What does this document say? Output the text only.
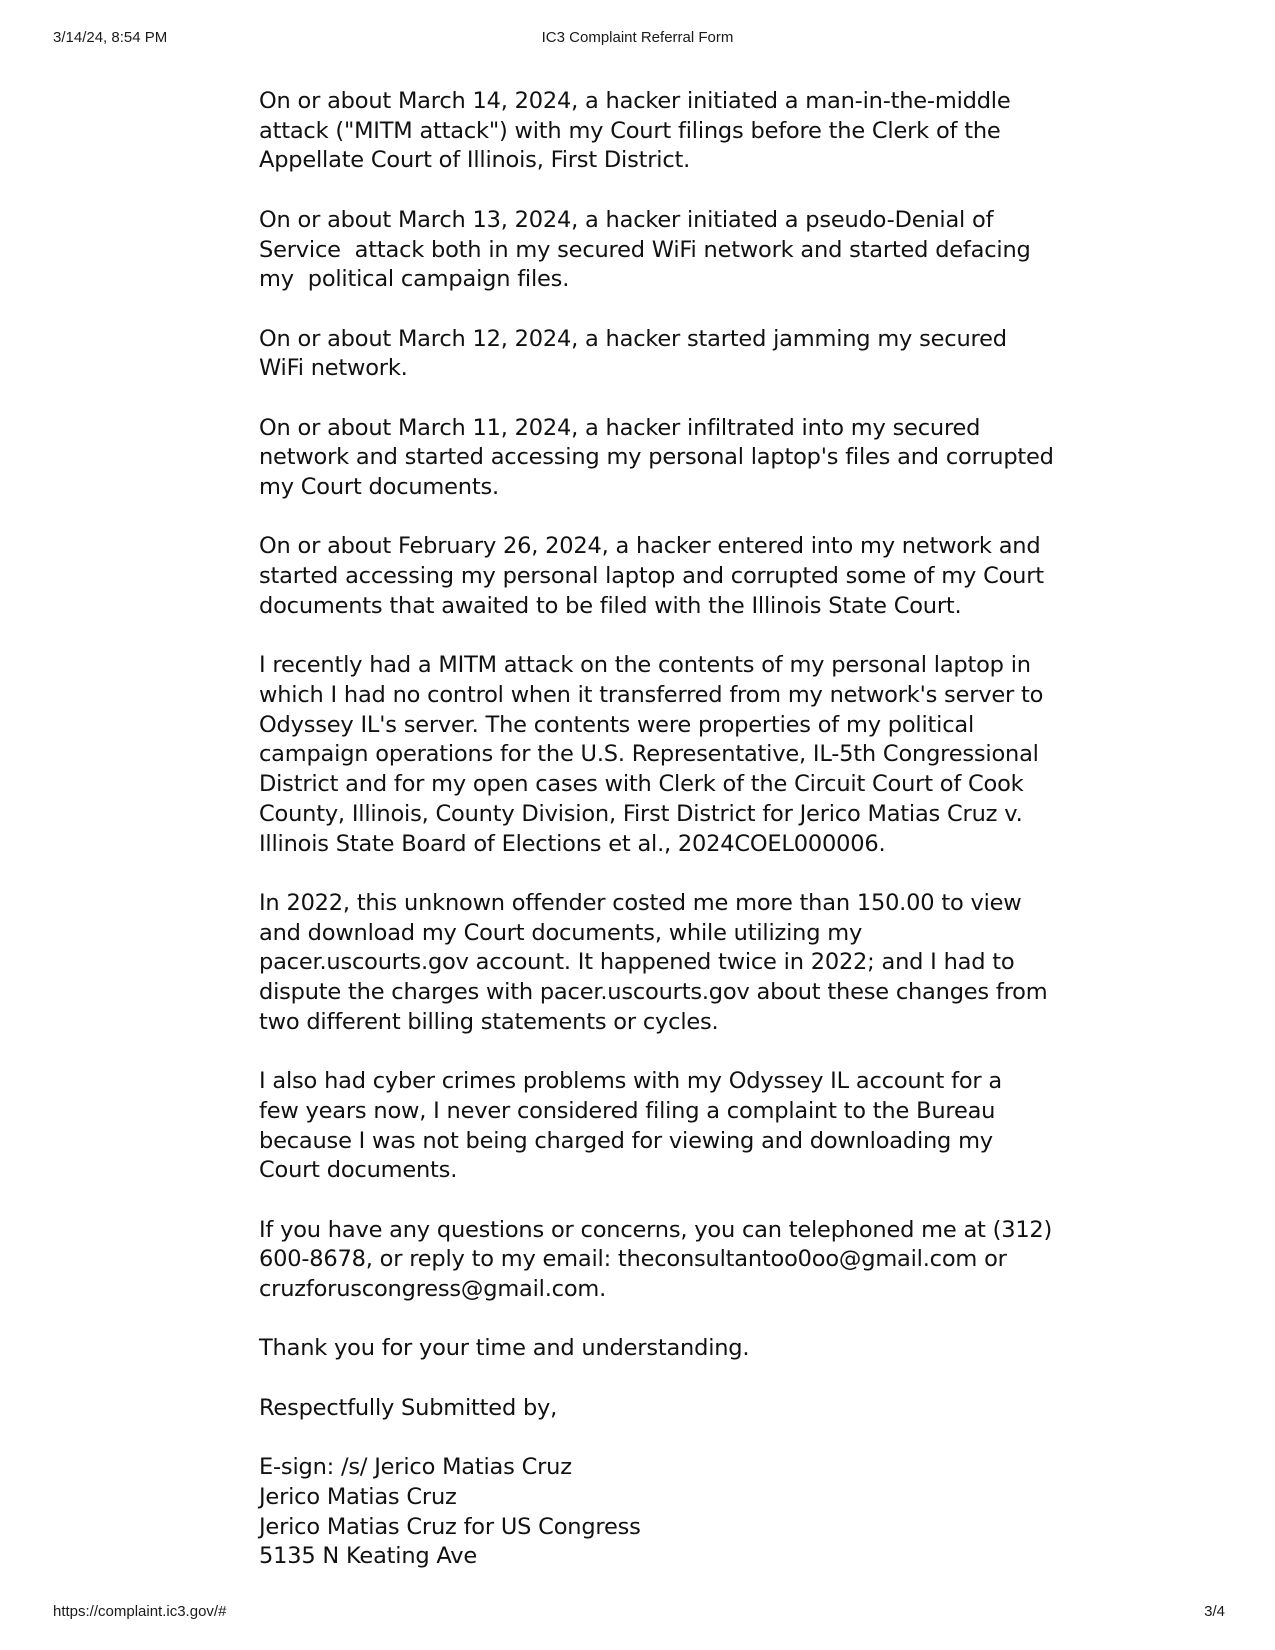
3/14/24, 8:54 PM	IC3 Complaint Referral Form

On or about March 14, 2024, a hacker initiated a man-in-the-middle
attack ("MITM attack") with my Court filings before the Clerk of the
Appellate Court of Illinois, First District.

On or about March 13, 2024, a hacker initiated a pseudo-Denial of
Service  attack both in my secured WiFi network and started defacing
my  political campaign files.

On or about March 12, 2024, a hacker started jamming my secured
WiFi network.

On or about March 11, 2024, a hacker infiltrated into my secured
network and started accessing my personal laptop's files and corrupted
my Court documents.

On or about February 26, 2024, a hacker entered into my network and
started accessing my personal laptop and corrupted some of my Court
documents that awaited to be filed with the Illinois State Court.

I recently had a MITM attack on the contents of my personal laptop in
which I had no control when it transferred from my network's server to
Odyssey IL's server. The contents were properties of my political
campaign operations for the U.S. Representative, IL-5th Congressional
District and for my open cases with Clerk of the Circuit Court of Cook
County, Illinois, County Division, First District for Jerico Matias Cruz v.
Illinois State Board of Elections et al., 2024COEL000006.

In 2022, this unknown offender costed me more than 150.00 to view
and download my Court documents, while utilizing my
pacer.uscourts.gov account. It happened twice in 2022; and I had to
dispute the charges with pacer.uscourts.gov about these changes from
two different billing statements or cycles.

I also had cyber crimes problems with my Odyssey IL account for a
few years now, I never considered filing a complaint to the Bureau
because I was not being charged for viewing and downloading my
Court documents.

If you have any questions or concerns, you can telephoned me at (312)
600-8678, or reply to my email: theconsultantoo0oo@gmail.com or
cruzforuscongress@gmail.com.

Thank you for your time and understanding.

Respectfully Submitted by,

E-sign: /s/ Jerico Matias Cruz
Jerico Matias Cruz
Jerico Matias Cruz for US Congress
5135 N Keating Ave

https://complaint.ic3.gov/#	3/4
